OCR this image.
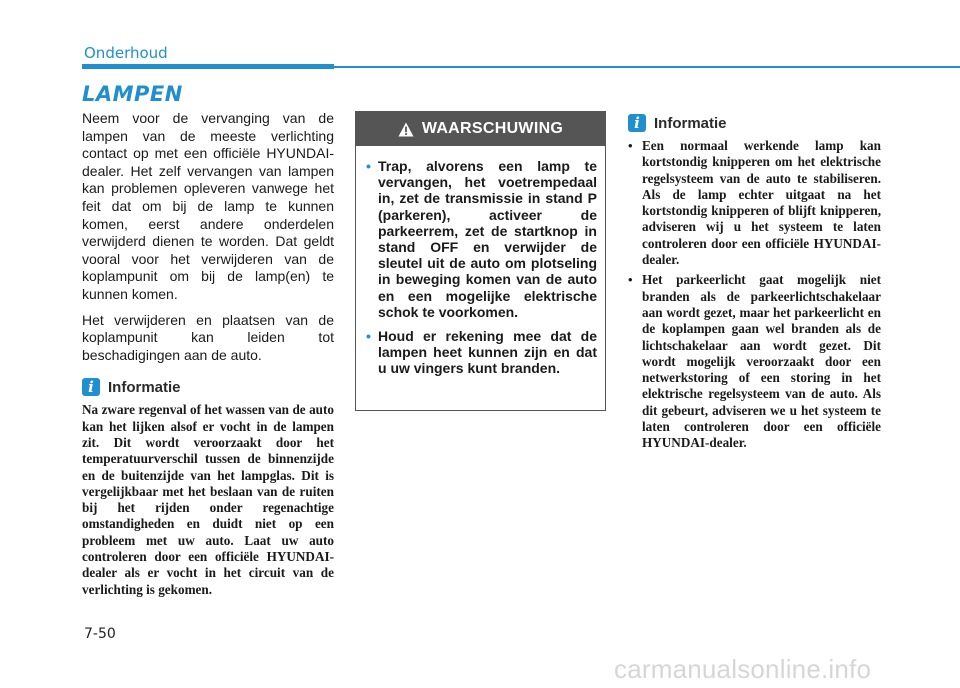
Onderhoud
LAMPEN

Neem voor de vervanging van de lampen van de meeste verlichting contact op met een officiële HYUNDAI-dealer. Het zelf vervangen van lampen kan problemen opleveren vanwege het feit dat om bij de lamp te kunnen komen, eerst andere onderdelen verwijderd dienen te worden. Dat geldt vooral voor het verwijderen van de koplampunit om bij de lamp(en) te kunnen komen.

Het verwijderen en plaatsen van de koplampunit kan leiden tot beschadigingen aan de auto.

i Informatie

Na zware regenval of het wassen van de auto kan het lijken alsof er vocht in de lampen zit. Dit wordt veroorzaakt door het temperatuurverschil tussen de binnenzijde en de buitenzijde van het lampglas. Dit is vergelijkbaar met het beslaan van de ruiten bij het rijden onder regenachtige omstandigheden en duidt niet op een probleem met uw auto. Laat uw auto controleren door een officiële HYUNDAI-dealer als er vocht in het circuit van de verlichting is gekomen.

WAARSCHUWING
• Trap, alvorens een lamp te vervangen, het voetrempedaal in, zet de transmissie in stand P (parkeren), activeer de parkeerrem, zet de startknop in stand OFF en verwijder de sleutel uit de auto om plotseling in beweging komen van de auto en een mogelijke elektrische schok te voorkomen.
• Houd er rekening mee dat de lampen heet kunnen zijn en dat u uw vingers kunt branden.
i Informatie
• Een normaal werkende lamp kan kortstondig knipperen om het elektrische regelsysteem van de auto te stabiliseren. Als de lamp echter uitgaat na het kortstondig knipperen of blijft knipperen, adviseren wij u het systeem te laten controleren door een officiële HYUNDAI-dealer.
• Het parkeerlicht gaat mogelijk niet branden als de parkeerlichtschakelaar aan wordt gezet, maar het parkeerlicht en de koplampen gaan wel branden als de lichtschakelaar aan wordt gezet. Dit wordt mogelijk veroorzaakt door een netwerkstoring of een storing in het elektrische regelsysteem van de auto. Als dit gebeurt, adviseren we u het systeem te laten controleren door een officiële HYUNDAI-dealer.
7-50
carmanualsonline.info
